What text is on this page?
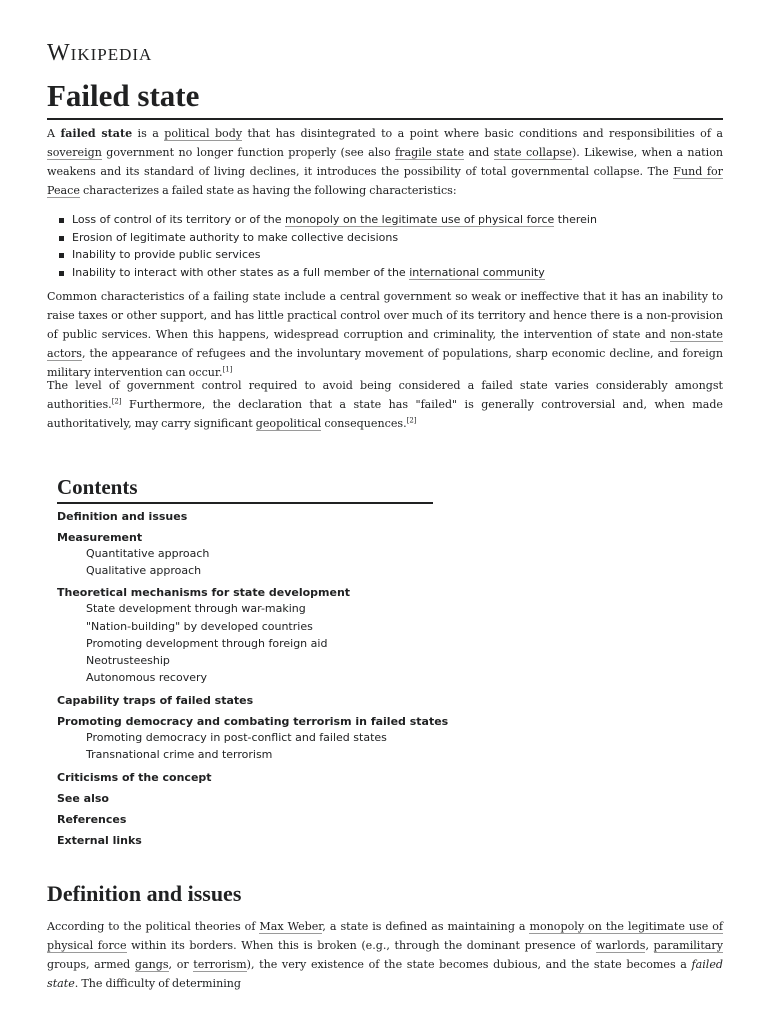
Wikipedia
Failed state

A failed state is a political body that has disintegrated to a point where basic conditions and responsibilities of a sovereign government no longer function properly (see also fragile state and state collapse). Likewise, when a nation weakens and its standard of living declines, it introduces the possibility of total governmental collapse. The Fund for Peace characterizes a failed state as having the following characteristics:

Loss of control of its territory or of the monopoly on the legitimate use of physical force therein
Erosion of legitimate authority to make collective decisions
Inability to provide public services
Inability to interact with other states as a full member of the international community

Common characteristics of a failing state include a central government so weak or ineffective that it has an inability to raise taxes or other support, and has little practical control over much of its territory and hence there is a non-provision of public services. When this happens, widespread corruption and criminality, the intervention of state and non-state actors, the appearance of refugees and the involuntary movement of populations, sharp economic decline, and foreign military intervention can occur.[1]

The level of government control required to avoid being considered a failed state varies considerably amongst authorities.[2] Furthermore, the declaration that a state has "failed" is generally controversial and, when made authoritatively, may carry significant geopolitical consequences.[2]

Contents
Definition and issues
Measurement
Quantitative approach
Qualitative approach
Theoretical mechanisms for state development
State development through war-making
"Nation-building" by developed countries
Promoting development through foreign aid
Neotrusteeship
Autonomous recovery
Capability traps of failed states
Promoting democracy and combating terrorism in failed states
Promoting democracy in post-conflict and failed states
Transnational crime and terrorism
Criticisms of the concept
See also
References
External links
Definition and issues

According to the political theories of Max Weber, a state is defined as maintaining a monopoly on the legitimate use of physical force within its borders. When this is broken (e.g., through the dominant presence of warlords, paramilitary groups, armed gangs, or terrorism), the very existence of the state becomes dubious, and the state becomes a failed state. The difficulty of determining
